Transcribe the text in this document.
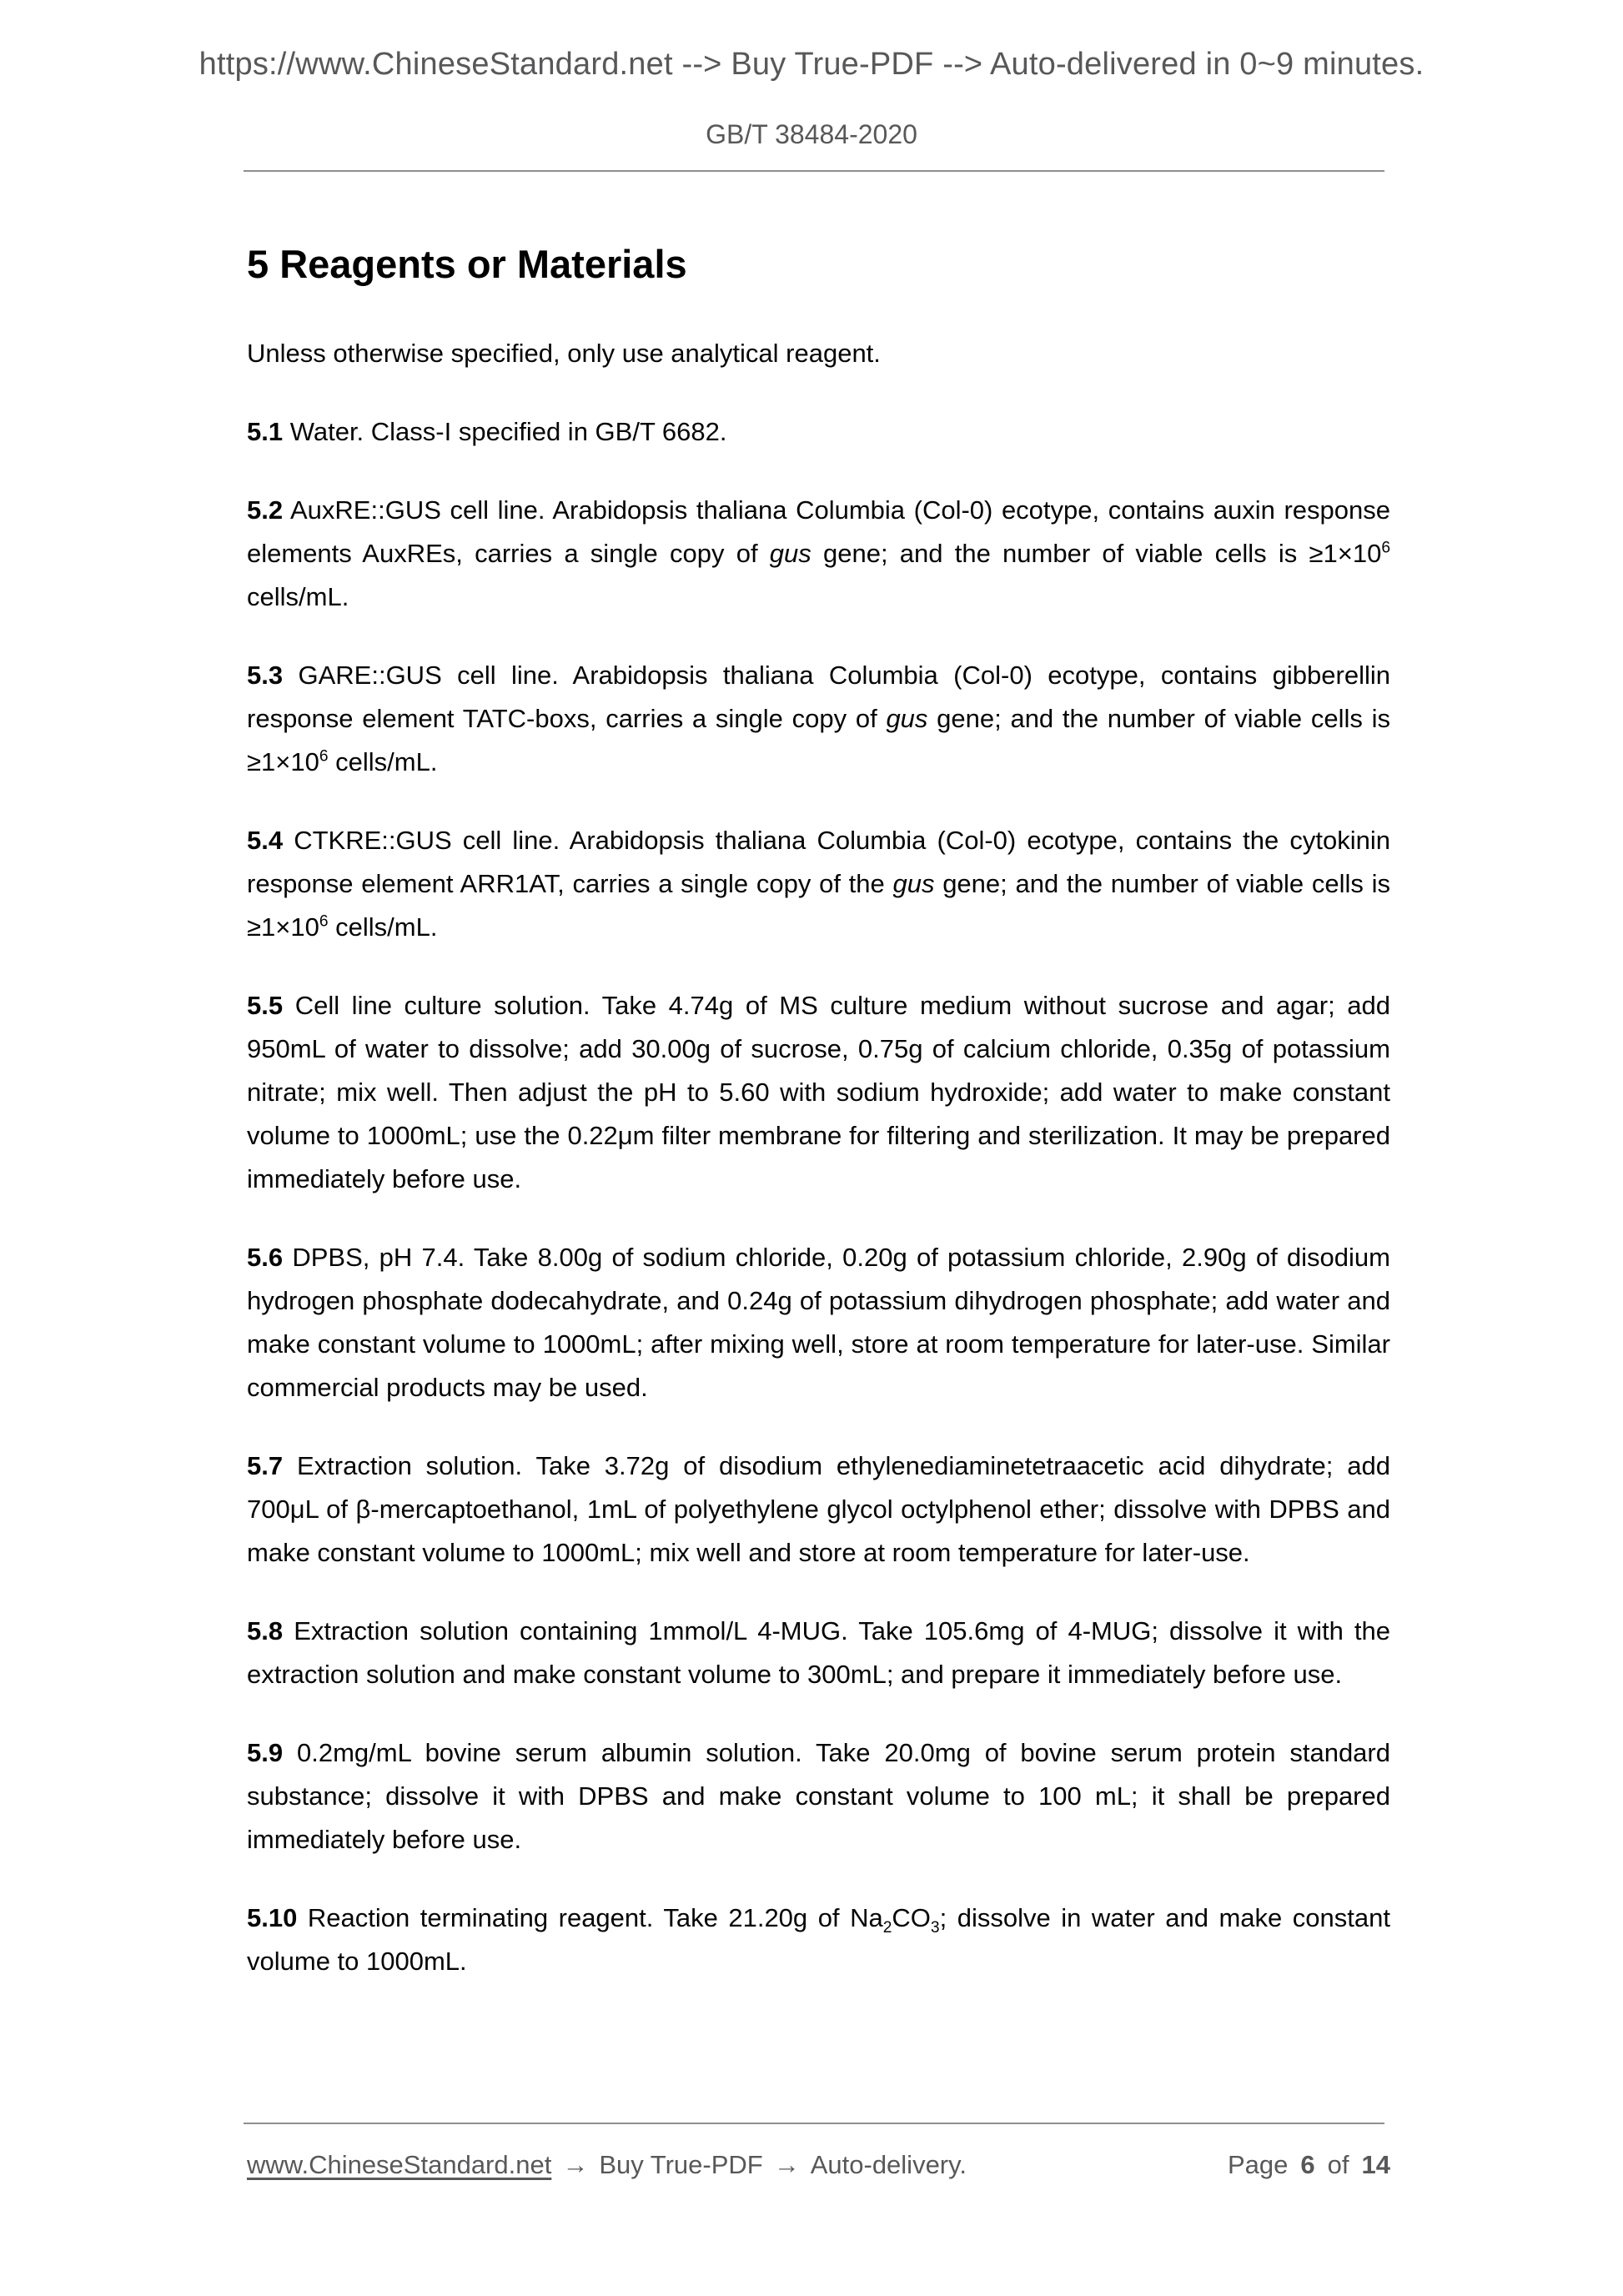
https://www.ChineseStandard.net --> Buy True-PDF --> Auto-delivered in 0~9 minutes.
GB/T 38484-2020
5 Reagents or Materials

Unless otherwise specified, only use analytical reagent.

5.1 Water. Class-I specified in GB/T 6682.

5.2 AuxRE::GUS cell line. Arabidopsis thaliana Columbia (Col-0) ecotype, contains auxin response elements AuxREs, carries a single copy of gus gene; and the number of viable cells is $\ge 1\times 10^6$ cells/mL.

5.3 GARE::GUS cell line. Arabidopsis thaliana Columbia (Col-0) ecotype, contains gibberellin response element TATC-boxs, carries a single copy of gus gene; and the number of viable cells is $\ge 1\times 10^6$ cells/mL.

5.4 CTKRE::GUS cell line. Arabidopsis thaliana Columbia (Col-0) ecotype, contains the cytokinin response element ARR1AT, carries a single copy of the gus gene; and the number of viable cells is $\ge 1\times 10^6$ cells/mL.

5.5 Cell line culture solution. Take 4.74g of MS culture medium without sucrose and agar; add 950mL of water to dissolve; add 30.00g of sucrose, 0.75g of calcium chloride, 0.35g of potassium nitrate; mix well. Then adjust the pH to 5.60 with sodium hydroxide; add water to make constant volume to 1000mL; use the 0.22μm filter membrane for filtering and sterilization. It may be prepared immediately before use.

5.6 DPBS, pH 7.4. Take 8.00g of sodium chloride, 0.20g of potassium chloride, 2.90g of disodium hydrogen phosphate dodecahydrate, and 0.24g of potassium dihydrogen phosphate; add water and make constant volume to 1000mL; after mixing well, store at room temperature for later-use. Similar commercial products may be used.

5.7 Extraction solution. Take 3.72g of disodium ethylenediaminetetraacetic acid dihydrate; add 700μL of β-mercaptoethanol, 1mL of polyethylene glycol octylphenol ether; dissolve with DPBS and make constant volume to 1000mL; mix well and store at room temperature for later-use.

5.8 Extraction solution containing 1mmol/L 4-MUG. Take 105.6mg of 4-MUG; dissolve it with the extraction solution and make constant volume to 300mL; and prepare it immediately before use.

5.9 0.2mg/mL bovine serum albumin solution. Take 20.0mg of bovine serum protein standard substance; dissolve it with DPBS and make constant volume to 100 mL; it shall be prepared immediately before use.

5.10 Reaction terminating reagent. Take 21.20g of $Na_2CO_3$; dissolve in water and make constant volume to 1000mL.

www.ChineseStandard.net → Buy True-PDF → Auto-delivery.	Page 6 of 14
